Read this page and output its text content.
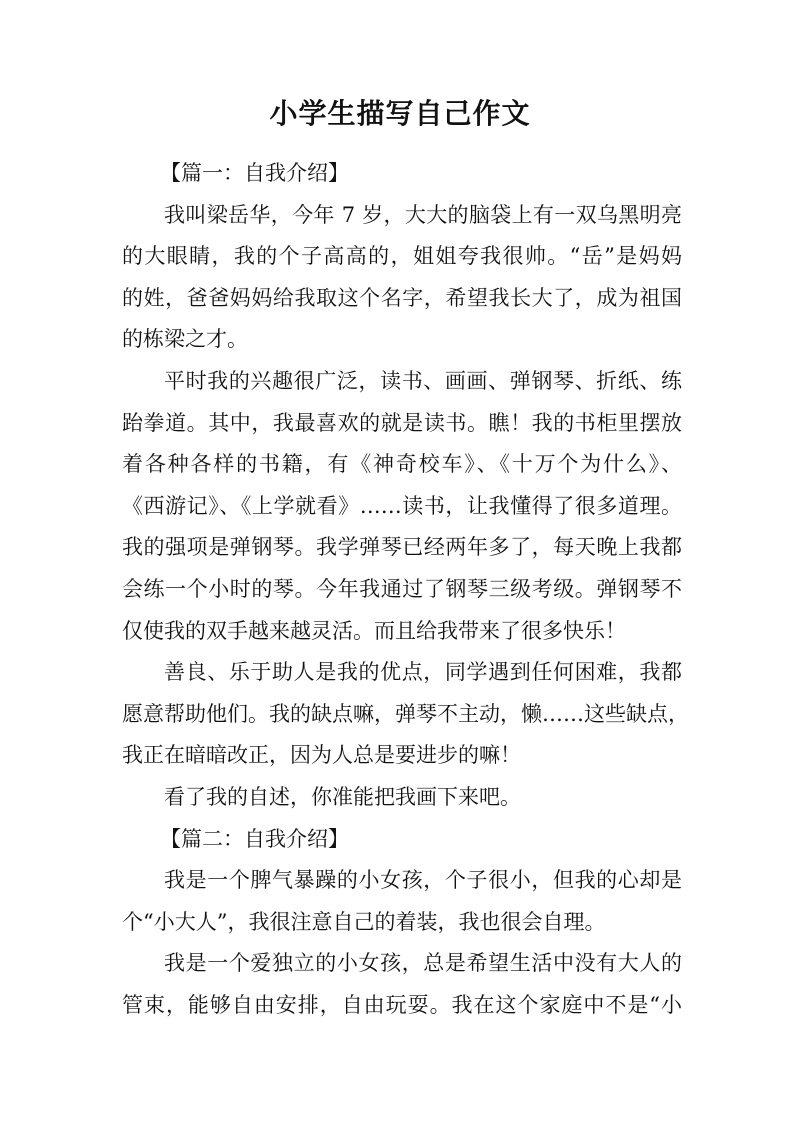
小学生描写自己作文
【篇一：自我介绍】
我叫梁岳华，今年 7 岁，大大的脑袋上有一双乌黑明亮
的大眼睛，我的个子高高的，姐姐夸我很帅。“岳”是妈妈
的姓，爸爸妈妈给我取这个名字，希望我长大了，成为祖国
的栋梁之才。
平时我的兴趣很广泛，读书、画画、弹钢琴、折纸、练
跆拳道。其中，我最喜欢的就是读书。瞧！我的书柜里摆放
着各种各样的书籍，有《神奇校车》、《十万个为什么》、
《西游记》、《上学就看》……读书，让我懂得了很多道理。
我的强项是弹钢琴。我学弹琴已经两年多了，每天晚上我都
会练一个小时的琴。今年我通过了钢琴三级考级。弹钢琴不
仅使我的双手越来越灵活。而且给我带来了很多快乐！
善良、乐于助人是我的优点，同学遇到任何困难，我都
愿意帮助他们。我的缺点嘛，弹琴不主动，懒……这些缺点，
我正在暗暗改正，因为人总是要进步的嘛！
看了我的自述，你准能把我画下来吧。
【篇二：自我介绍】
我是一个脾气暴躁的小女孩，个子很小，但我的心却是
个“小大人”，我很注意自己的着装，我也很会自理。
我是一个爱独立的小女孩，总是希望生活中没有大人的
管束，能够自由安排，自由玩耍。我在这个家庭中不是“小
